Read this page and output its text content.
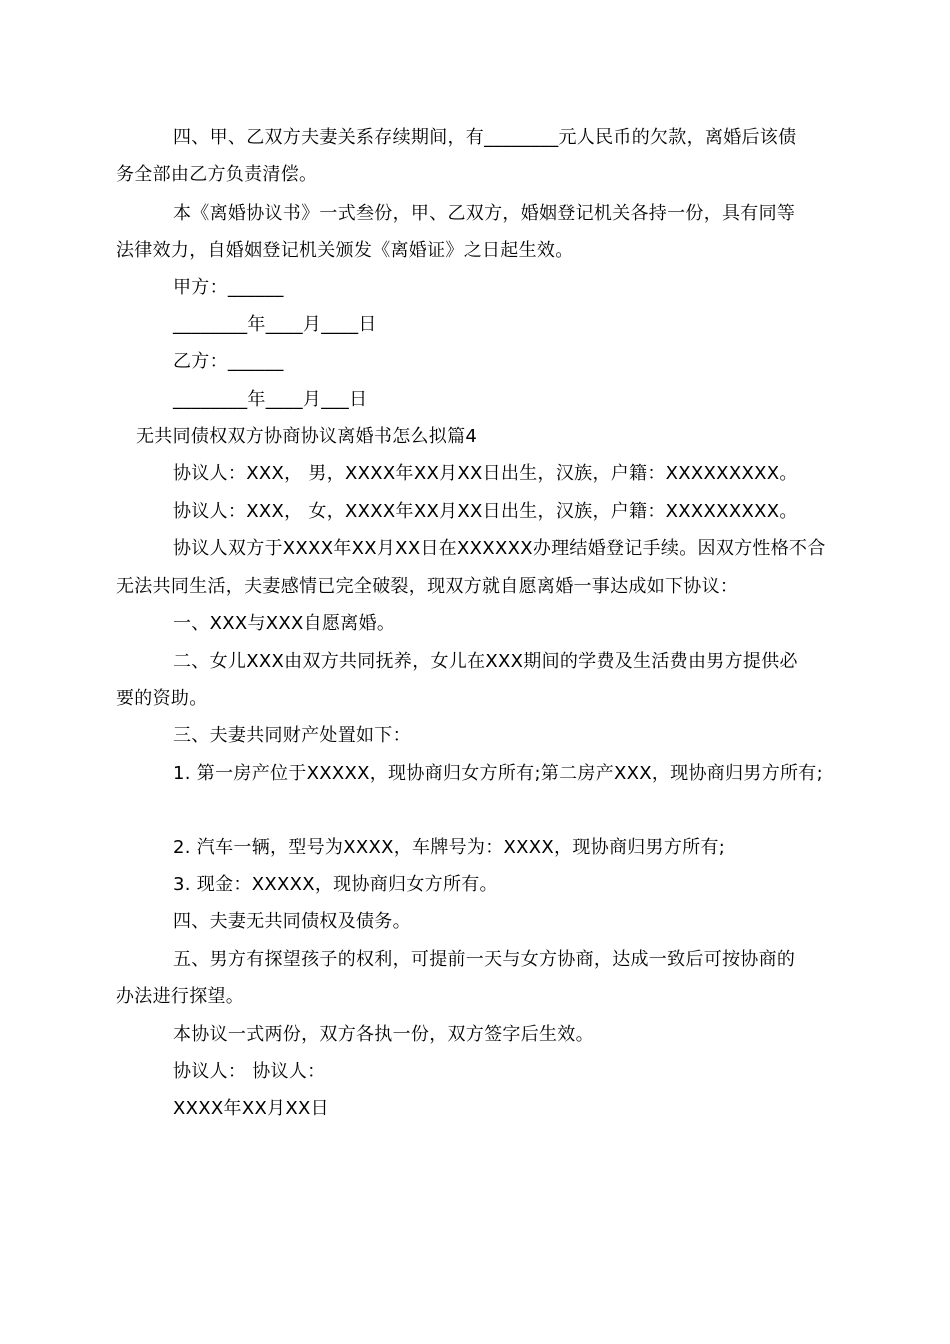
四、甲、乙双方夫妻关系存续期间，有________元人民币的欠款，离婚后该债
务全部由乙方负责清偿。
本《离婚协议书》一式叁份，甲、乙双方，婚姻登记机关各持一份，具有同等
法律效力，自婚姻登记机关颁发《离婚证》之日起生效。
甲方：______
________年____月____日
乙方：______
________年____月___日
无共同债权双方协商协议离婚书怎么拟篇4
协议人：XXX， 男，XXXX年XX月XX日出生，汉族，户籍：XXXXXXXXX。
协议人：XXX， 女，XXXX年XX月XX日出生，汉族，户籍：XXXXXXXXX。
协议人双方于XXXX年XX月XX日在XXXXXX办理结婚登记手续。因双方性格不合
无法共同生活，夫妻感情已完全破裂，现双方就自愿离婚一事达成如下协议：
一、XXX与XXX自愿离婚。
二、女儿XXX由双方共同抚养，女儿在XXX期间的学费及生活费由男方提供必
要的资助。
三、夫妻共同财产处置如下：
1. 第一房产位于XXXXX，现协商归女方所有;第二房产XXX，现协商归男方所有;
2. 汽车一辆，型号为XXXX，车牌号为：XXXX，现协商归男方所有;
3. 现金：XXXXX，现协商归女方所有。
四、夫妻无共同债权及债务。
五、男方有探望孩子的权利，可提前一天与女方协商，达成一致后可按协商的
办法进行探望。
本协议一式两份，双方各执一份，双方签字后生效。
协议人： 协议人：
XXXX年XX月XX日
